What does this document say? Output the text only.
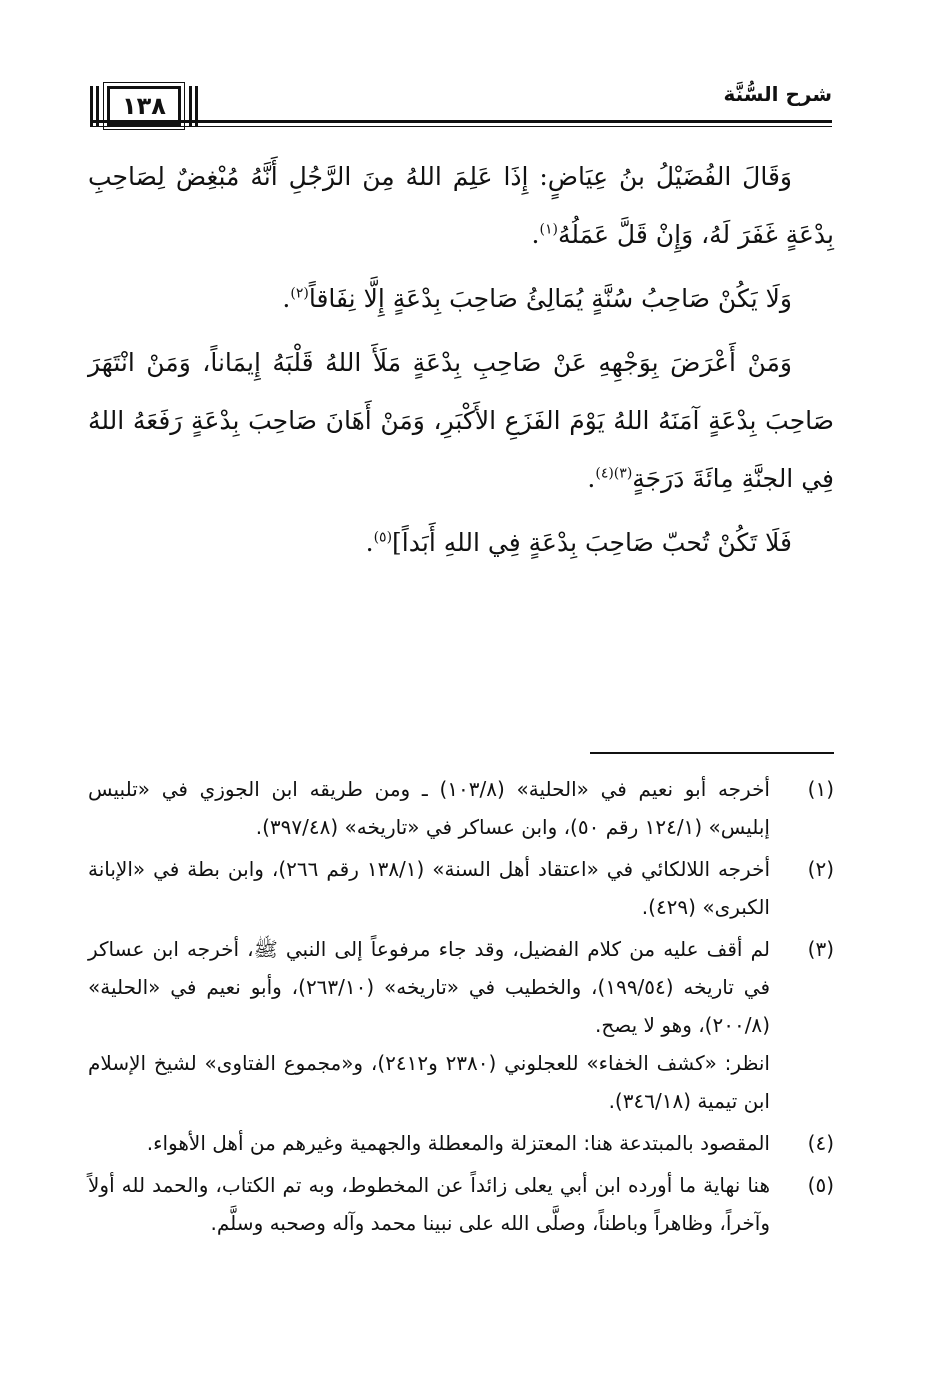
شرح السُّنَّة
١٣٨

وَقَالَ الفُضَيْلُ بنُ عِيَاضٍ: إِذَا عَلِمَ اللهُ مِنَ الرَّجُلِ أَنَّهُ مُبْغِضٌ لِصَاحِبِ بِدْعَةٍ غَفَرَ لَهُ، وَإِنْ قَلَّ عَمَلُهُ$^{(١)}$.

وَلَا يَكُنْ صَاحِبُ سُنَّةٍ يُمَالِئُ صَاحِبَ بِدْعَةٍ إِلَّا نِفَاقاً$^{(٢)}$.

وَمَنْ أَعْرَضَ بِوَجْهِهِ عَنْ صَاحِبِ بِدْعَةٍ مَلَأَ اللهُ قَلْبَهُ إِيمَاناً، وَمَنْ انْتَهَرَ صَاحِبَ بِدْعَةٍ آمَنَهُ اللهُ يَوْمَ الفَزَعِ الأَكْبَرِ، وَمَنْ أَهَانَ صَاحِبَ بِدْعَةٍ رَفَعَهُ اللهُ فِي الجنَّةِ مِائَةَ دَرَجَةٍ$^{(٣)(٤)}$.

فَلَا تَكُنْ تُحبّ صَاحِبَ بِدْعَةٍ فِي اللهِ أَبَداً]$^{(٥)}$.

(١)

أخرجه أبو نعيم في «الحلية» (١٠٣/٨) ـ ومن طريقه ابن الجوزي في «تلبيس إبليس» (١٢٤/١ رقم ٥٠)، وابن عساكر في «تاريخه» (٣٩٧/٤٨).

(٢)

أخرجه اللالكائي في «اعتقاد أهل السنة» (١٣٨/١ رقم ٢٦٦)، وابن بطة في «الإبانة الكبرى» (٤٢٩).

(٣)

لم أقف عليه من كلام الفضيل، وقد جاء مرفوعاً إلى النبي ﷺ، أخرجه ابن عساكر في تاريخه (١٩٩/٥٤)، والخطيب في «تاريخه» (٢٦٣/١٠)، وأبو نعيم في «الحلية» (٢٠٠/٨)، وهو لا يصح.

انظر: «كشف الخفاء» للعجلوني (٢٣٨٠ و٢٤١٢)، و«مجموع الفتاوى» لشيخ الإسلام ابن تيمية (٣٤٦/١٨).

(٤)

المقصود بالمبتدعة هنا: المعتزلة والمعطلة والجهمية وغيرهم من أهل الأهواء.

(٥)

هنا نهاية ما أورده ابن أبي يعلى زائداً عن المخطوط، وبه تم الكتاب، والحمد لله أولاً وآخراً، وظاهراً وباطناً، وصلَّى الله على نبينا محمد وآله وصحبه وسلَّم.
